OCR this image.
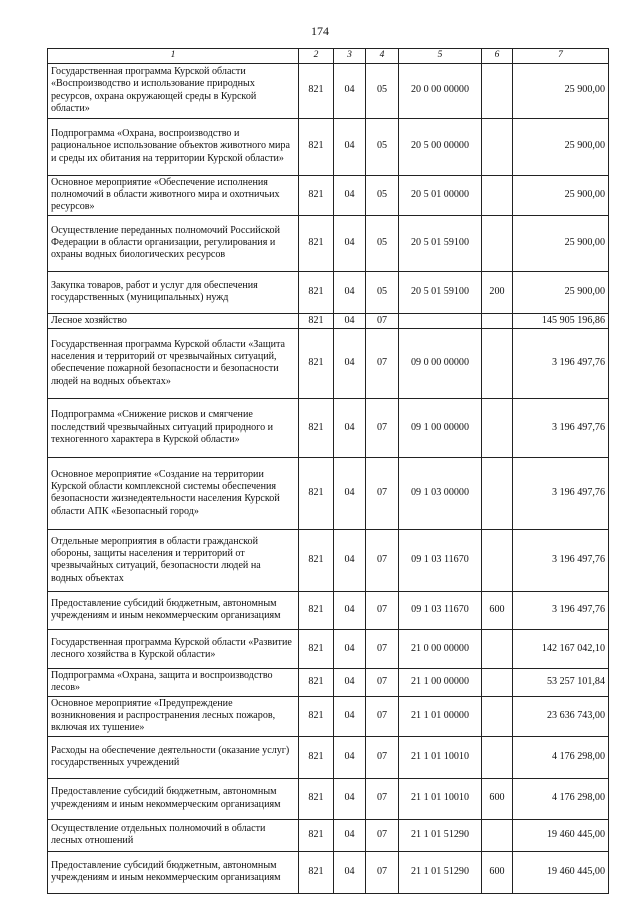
174
1	2	3	4	5	6	7
Государственная программа Курской области «Воспроизводство и использование природных ресурсов, охрана окружающей среды в Курской области»	821	04	05	20 0 00 00000		25 900,00
Подпрограмма «Охрана, воспроизводство и рациональное использование объектов животного мира и среды их обитания на территории Курской области»	821	04	05	20 5 00 00000		25 900,00
Основное мероприятие «Обеспечение исполнения полномочий в области животного мира и охотничьих ресурсов»	821	04	05	20 5 01 00000		25 900,00
Осуществление переданных полномочий Российской Федерации в области организации, регулирования и охраны водных биологических ресурсов	821	04	05	20 5 01 59100		25 900,00
Закупка товаров, работ и услуг для обеспечения государственных (муниципальных) нужд	821	04	05	20 5 01 59100	200	25 900,00
Лесное хозяйство	821	04	07			145 905 196,86
Государственная программа Курской области «Защита населения и территорий от чрезвычайных ситуаций, обеспечение пожарной безопасности и безопасности людей на водных объектах»	821	04	07	09 0 00 00000		3 196 497,76
Подпрограмма «Снижение рисков и смягчение последствий чрезвычайных ситуаций природного и техногенного характера в Курской области»	821	04	07	09 1 00 00000		3 196 497,76
Основное мероприятие «Создание на территории Курской области комплексной системы обеспечения безопасности жизнедеятельности населения Курской области АПК «Безопасный город»	821	04	07	09 1 03 00000		3 196 497,76
Отдельные мероприятия в области гражданской обороны, защиты населения и территорий от чрезвычайных ситуаций, безопасности людей на водных объектах	821	04	07	09 1 03 11670		3 196 497,76
Предоставление субсидий бюджетным, автономным учреждениям и иным некоммерческим организациям	821	04	07	09 1 03 11670	600	3 196 497,76
Государственная программа Курской области «Развитие лесного хозяйства в Курской области»	821	04	07	21 0 00 00000		142 167 042,10
Подпрограмма «Охрана, защита и воспроизводство лесов»	821	04	07	21 1 00 00000		53 257 101,84
Основное мероприятие «Предупреждение возникновения и распространения лесных пожаров, включая их тушение»	821	04	07	21 1 01 00000		23 636 743,00
Расходы на обеспечение деятельности (оказание услуг) государственных учреждений	821	04	07	21 1 01 10010		4 176 298,00
Предоставление субсидий бюджетным, автономным учреждениям и иным некоммерческим организациям	821	04	07	21 1 01 10010	600	4 176 298,00
Осуществление отдельных полномочий в области лесных отношений	821	04	07	21 1 01 51290		19 460 445,00
Предоставление субсидий бюджетным, автономным учреждениям и иным некоммерческим организациям	821	04	07	21 1 01 51290	600	19 460 445,00
